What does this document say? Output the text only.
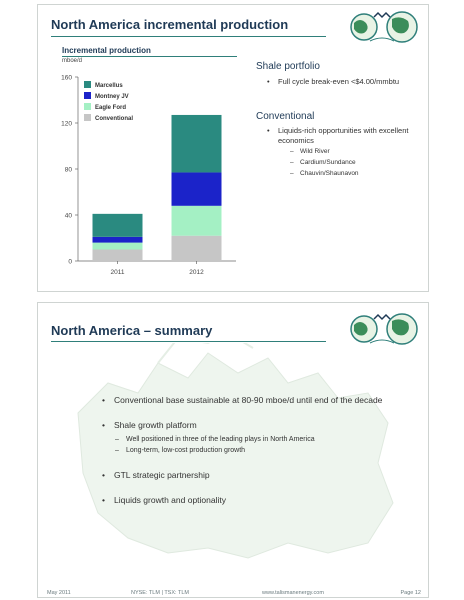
North America incremental production
Incremental production
mboe/d
0
40
80
120
160
2011	2012
Marcellus
Montney JV
Eagle Ford
Conventional
Shale portfolio
• Full cycle break-even <$4.00/mmbtu
Conventional
• Liquids-rich opportunities with excellent economics
– Wild River
– Cardium/Sundance
– Chauvin/Shaunavon
North America – summary
• Conventional base sustainable at 80-90 mboe/d until end of the decade
• Shale growth platform
– Well positioned in three of the leading plays in North America
– Long-term, low-cost production growth
• GTL strategic partnership
• Liquids growth and optionality
May 2011	NYSE: TLM | TSX: TLM	www.talismanenergy.com	Page 12
